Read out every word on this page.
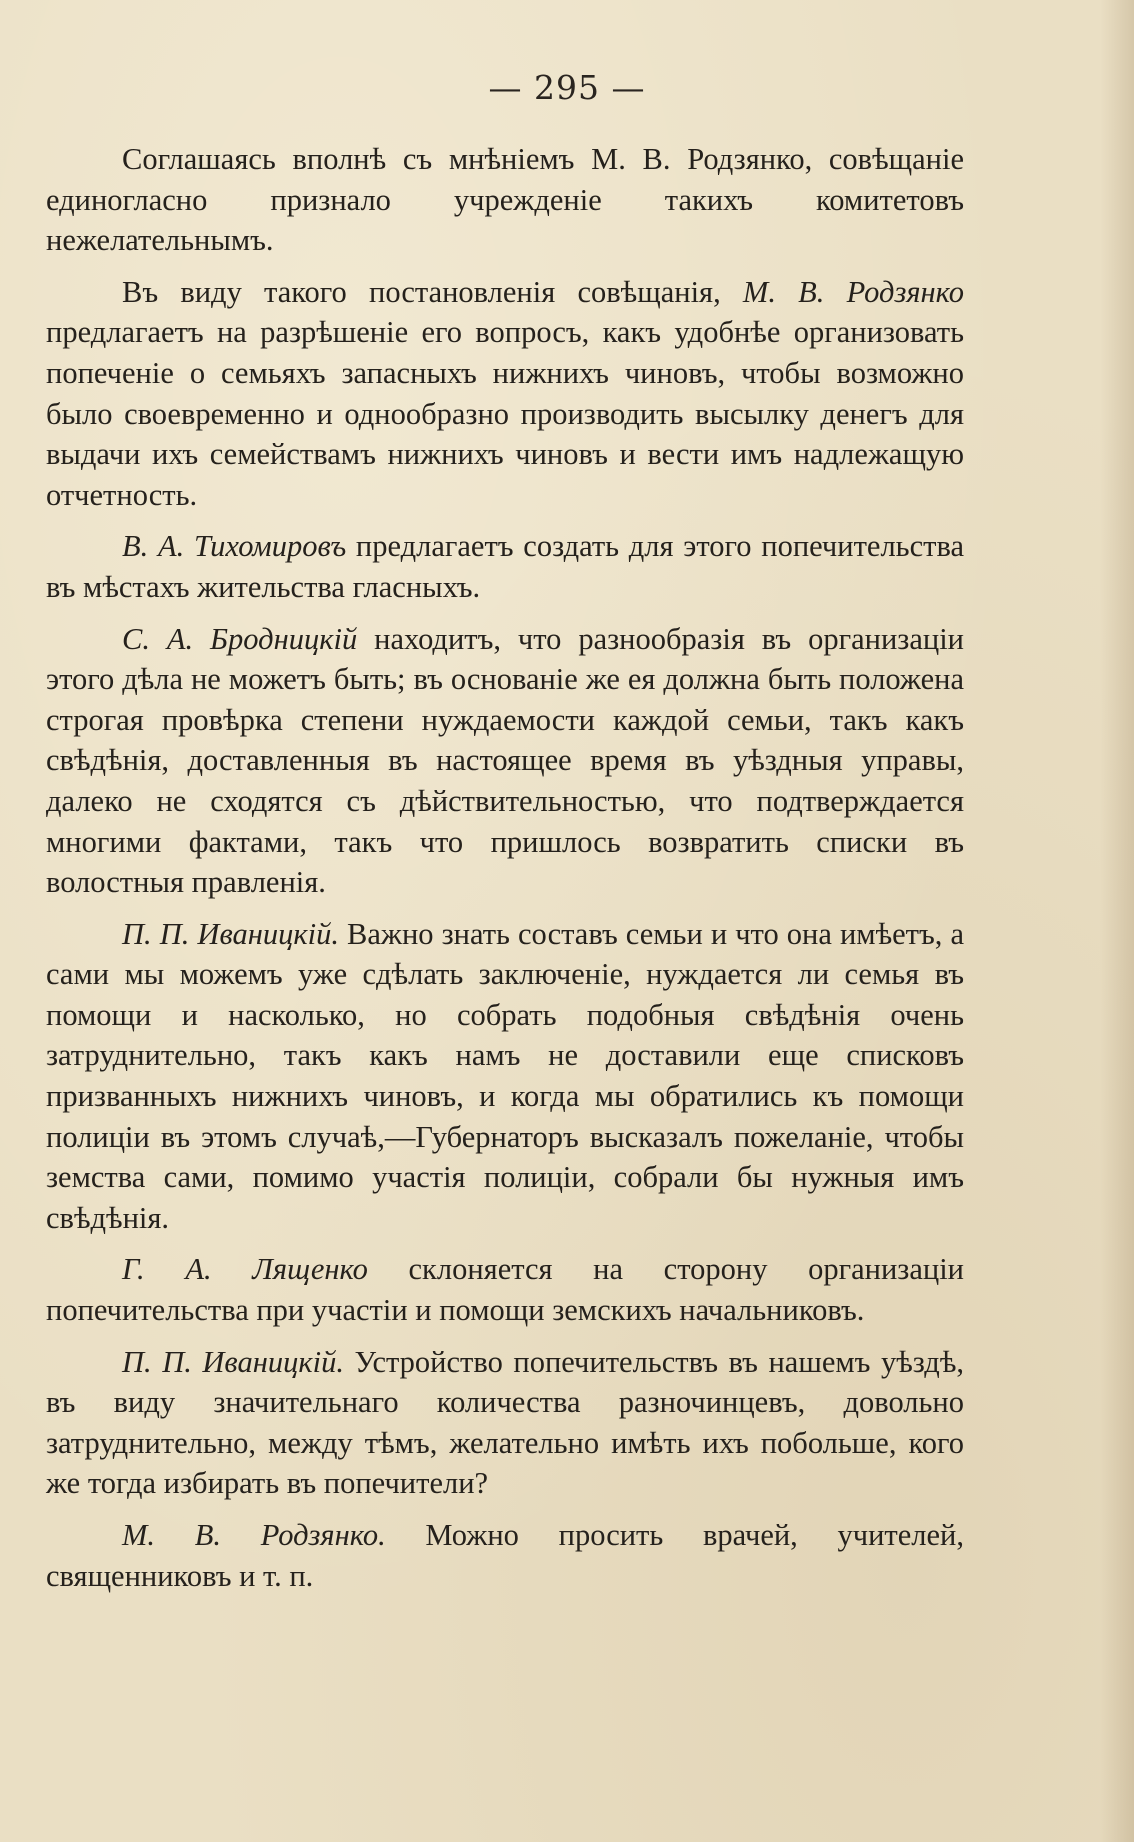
— 295 —

Соглашаясь вполнѣ съ мнѣніемъ М. В. Родзянко, совѣщаніе единогласно признало учрежденіе такихъ комитетовъ нежелательнымъ.

Въ виду такого постановленія совѣщанія, М. В. Родзянко предлагаетъ на разрѣшеніе его вопросъ, какъ удобнѣе организовать попеченіе о семьяхъ запасныхъ нижнихъ чиновъ, чтобы возможно было своевременно и однообразно производить высылку денегъ для выдачи ихъ семействамъ нижнихъ чиновъ и вести имъ надлежащую отчетность.

В. А. Тихомировъ предлагаетъ создать для этого попечительства въ мѣстахъ жительства гласныхъ.

С. А. Бродницкій находитъ, что разнообразія въ организаціи этого дѣла не можетъ быть; въ основаніе же ея должна быть положена строгая провѣрка степени нуждаемости каждой семьи, такъ какъ свѣдѣнія, доставленныя въ настоящее время въ уѣздныя управы, далеко не сходятся съ дѣйствительностью, что подтверждается многими фактами, такъ что пришлось возвратить списки въ волостныя правленія.

П. П. Иваницкій. Важно знать составъ семьи и что она имѣетъ, а сами мы можемъ уже сдѣлать заключеніе, нуждается ли семья въ помощи и насколько, но собрать подобныя свѣдѣнія очень затруднительно, такъ какъ намъ не доставили еще списковъ призванныхъ нижнихъ чиновъ, и когда мы обратились къ помощи полиціи въ этомъ случаѣ,—Губернаторъ высказалъ пожеланіе, чтобы земства сами, помимо участія полиціи, собрали бы нужныя имъ свѣдѣнія.

Г. А. Лященко склоняется на сторону организаціи попечительства при участіи и помощи земскихъ начальниковъ.

П. П. Иваницкій. Устройство попечительствъ въ нашемъ уѣздѣ, въ виду значительнаго количества разночинцевъ, довольно затруднительно, между тѣмъ, желательно имѣть ихъ побольше, кого же тогда избирать въ попечители?

М. В. Родзянко. Можно просить врачей, учителей, священниковъ и т. п.
